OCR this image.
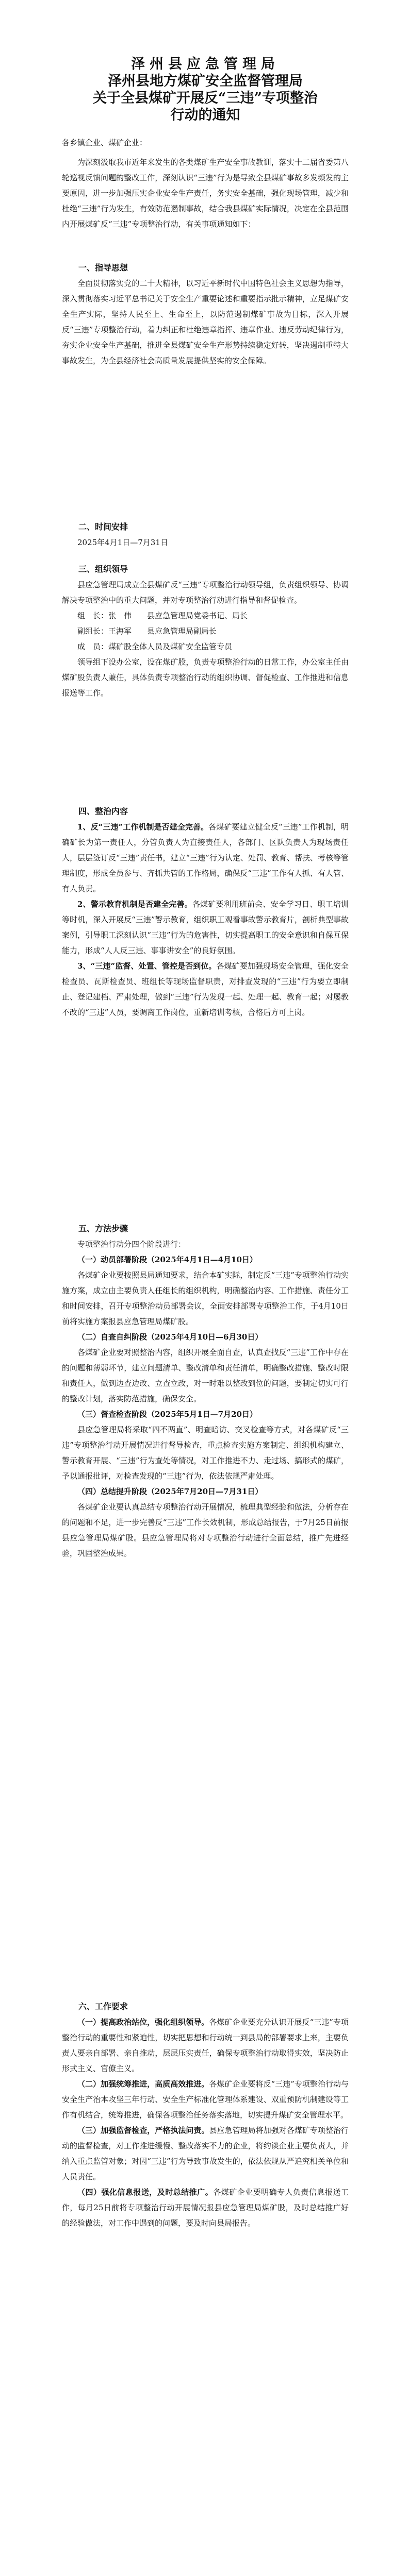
泽州县应急管理局
泽州县地方煤矿安全监督管理局
关于全县煤矿开展反“三违”专项整治
行动的通知

各乡镇企业、煤矿企业：

为深刻汲取我市近年来发生的各类煤矿生产安全事故教训，落实十二届省委第八轮巡视反馈问题的整改工作，深刻认识“三违”行为是导致全县煤矿事故多发频发的主要原因，进一步加强压实企业安全生产责任，务实安全基础，强化现场管理，减少和杜绝“三违”行为发生，有效防范遏制事故，结合我县煤矿实际情况，决定在全县范围内开展煤矿反“三违”专项整治行动，有关事项通知如下：

一、指导思想

全面贯彻落实党的二十大精神，以习近平新时代中国特色社会主义思想为指导，深入贯彻落实习近平总书记关于安全生产重要论述和重要指示批示精神，立足煤矿安全生产实际，坚持人民至上、生命至上，以防范遏制煤矿事故为目标，深入开展反“三违”专项整治行动，着力纠正和杜绝违章指挥、违章作业、违反劳动纪律行为，夯实企业安全生产基础，推进全县煤矿安全生产形势持续稳定好转，坚决遏制重特大事故发生，为全县经济社会高质量发展提供坚实的安全保障。

二、时间安排

2025年4月1日—7月31日

三、组织领导

县应急管理局成立全县煤矿反“三违”专项整治行动领导组，负责组织领导、协调解决专项整治中的重大问题，并对专项整治行动进行指导和督促检查。

组　长：张　伟　　县应急管理局党委书记、局长

副组长：王海军　　县应急管理局副局长

成　员：煤矿股全体人员及煤矿安全监管专员

领导组下设办公室，设在煤矿股，负责专项整治行动的日常工作，办公室主任由煤矿股负责人兼任，具体负责专项整治行动的组织协调、督促检查、工作推进和信息报送等工作。

四、整治内容

1、反“三违”工作机制是否建全完善。各煤矿要建立健全反“三违”工作机制，明确矿长为第一责任人，分管负责人为直接责任人，各部门、区队负责人为现场责任人，层层签订反“三违”责任书，建立“三违”行为认定、处罚、教育、帮扶、考核等管理制度，形成全员参与、齐抓共管的工作格局，确保反“三违”工作有人抓、有人管、有人负责。

2、警示教育机制是否建全完善。各煤矿要利用班前会、安全学习日、职工培训等时机，深入开展反“三违”警示教育，组织职工观看事故警示教育片，剖析典型事故案例，引导职工深刻认识“三违”行为的危害性，切实提高职工的安全意识和自保互保能力，形成“人人反三违、事事讲安全”的良好氛围。

3、“三违”监督、处置、管控是否到位。各煤矿要加强现场安全管理，强化安全检查员、瓦斯检查员、班组长等现场监督职责，对排查发现的“三违”行为要立即制止、登记建档、严肃处理，做到“三违”行为发现一起、处理一起、教育一起；对屡教不改的“三违”人员，要调离工作岗位，重新培训考核，合格后方可上岗。

五、方法步骤

专项整治行动分四个阶段进行：

（一）动员部署阶段（2025年4月1日—4月10日）

各煤矿企业要按照县局通知要求，结合本矿实际，制定反“三违”专项整治行动实施方案，成立由主要负责人任组长的组织机构，明确整治内容、工作措施、责任分工和时间安排，召开专项整治动员部署会议，全面安排部署专项整治工作，于4月10日前将实施方案报县应急管理局煤矿股。

（二）自查自纠阶段（2025年4月10日—6月30日）

各煤矿企业要对照整治内容，组织开展全面自查，认真查找反“三违”工作中存在的问题和薄弱环节，建立问题清单、整改清单和责任清单，明确整改措施、整改时限和责任人，做到边查边改、立查立改，对一时难以整改到位的问题，要制定切实可行的整改计划，落实防范措施，确保安全。

（三）督查检查阶段（2025年5月1日—7月20日）

县应急管理局将采取“四不两直”、明查暗访、交叉检查等方式，对各煤矿反“三违”专项整治行动开展情况进行督导检查，重点检查实施方案制定、组织机构建立、警示教育开展、“三违”行为查处等情况，对工作推进不力、走过场、搞形式的煤矿，予以通报批评，对检查发现的“三违”行为，依法依规严肃处理。

（四）总结提升阶段（2025年7月20日—7月31日）

各煤矿企业要认真总结专项整治行动开展情况，梳理典型经验和做法，分析存在的问题和不足，进一步完善反“三违”工作长效机制，形成总结报告，于7月25日前报县应急管理局煤矿股。县应急管理局将对专项整治行动进行全面总结，推广先进经验，巩固整治成果。

六、工作要求

（一）提高政治站位，强化组织领导。各煤矿企业要充分认识开展反“三违”专项整治行动的重要性和紧迫性，切实把思想和行动统一到县局的部署要求上来，主要负责人要亲自部署、亲自推动，层层压实责任，确保专项整治行动取得实效，坚决防止形式主义、官僚主义。

（二）加强统筹推进，高质高效推进。各煤矿企业要将反“三违”专项整治行动与安全生产治本攻坚三年行动、安全生产标准化管理体系建设、双重预防机制建设等工作有机结合，统筹推进，确保各项整治任务落实落地，切实提升煤矿安全管理水平。

（三）加强监督检查，严格执法问责。县应急管理局将加强对各煤矿专项整治行动的监督检查，对工作推进缓慢、整改落实不力的企业，将约谈企业主要负责人，并纳入重点监管对象；对因“三违”行为导致事故发生的，依法依规从严追究相关单位和人员责任。

（四）强化信息报送，及时总结推广。各煤矿企业要明确专人负责信息报送工作，每月25日前将专项整治行动开展情况报县应急管理局煤矿股，及时总结推广好的经验做法，对工作中遇到的问题，要及时向县局报告。
